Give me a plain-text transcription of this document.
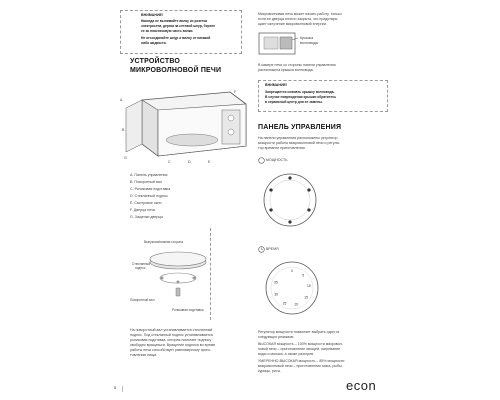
ВНИМАНИЕ!
Никогда не вынимайте вилку из розетки
электросети, дергая за сетевой шнур, берите
ее за пластиковую часть вилки.
Не отсоединяйте шнур и вилку от никакой
либо жидкости.
Микроволновая печь может начать работу, только
если ее дверца плотно закрыта, что предотвра-
щает излучение микроволновой энергии.
Крышка
волновода
В камере печи со стороны панели управления
расположена крышка волновода.
ВНИМАНИЕ!
Запрещается снимать крышку волновода.
В случае повреждения крышки обратитесь
в сервисный центр для ее замены.
УСТРОЙСТВО
МИКРОВОЛНОВОЙ ПЕЧИ
A
B
C	D	E
F
G
A. Панель управления
B. Поворотный вал
C. Роликовая подставка
D. Стеклянный поднос
E. Смотровое окно
F. Дверца печи
G. Защелки дверцы
Выпуклая/нижняя сторона
Стеклянный
поднос
Поворотный вал
Роликовая подставка
На поворотный вал устанавливается стеклянный
поднос. Под стеклянный поднос устанавливается
роликовая подставка, которая помогает подносу
свободно вращаться. Вращение подноса во время
работы печи способствует равномерному приго-
товлению пищи.
ПАНЕЛЬ УПРАВЛЕНИЯ
На панели управления расположены регулятор
мощности работы микроволновой печи и регуля-
тор времени приготовления.
МОЩНОСТЬ
ВРЕМЯ
0
5
10
15
20
25
30
35
Регулятор мощности позволяет выбрать один из
следующих режимов:
ВЫСОКАЯ мощность – 100% мощности микровол-
новой печи – приготовление овощей, нагревание
воды и молока, а также разогрев.
УМЕРЕННО-ВЫСОКАЯ мощность – 85% мощности
микроволновой печи – приготовление мяса, рыбы,
курицы, риса.
8	econ
